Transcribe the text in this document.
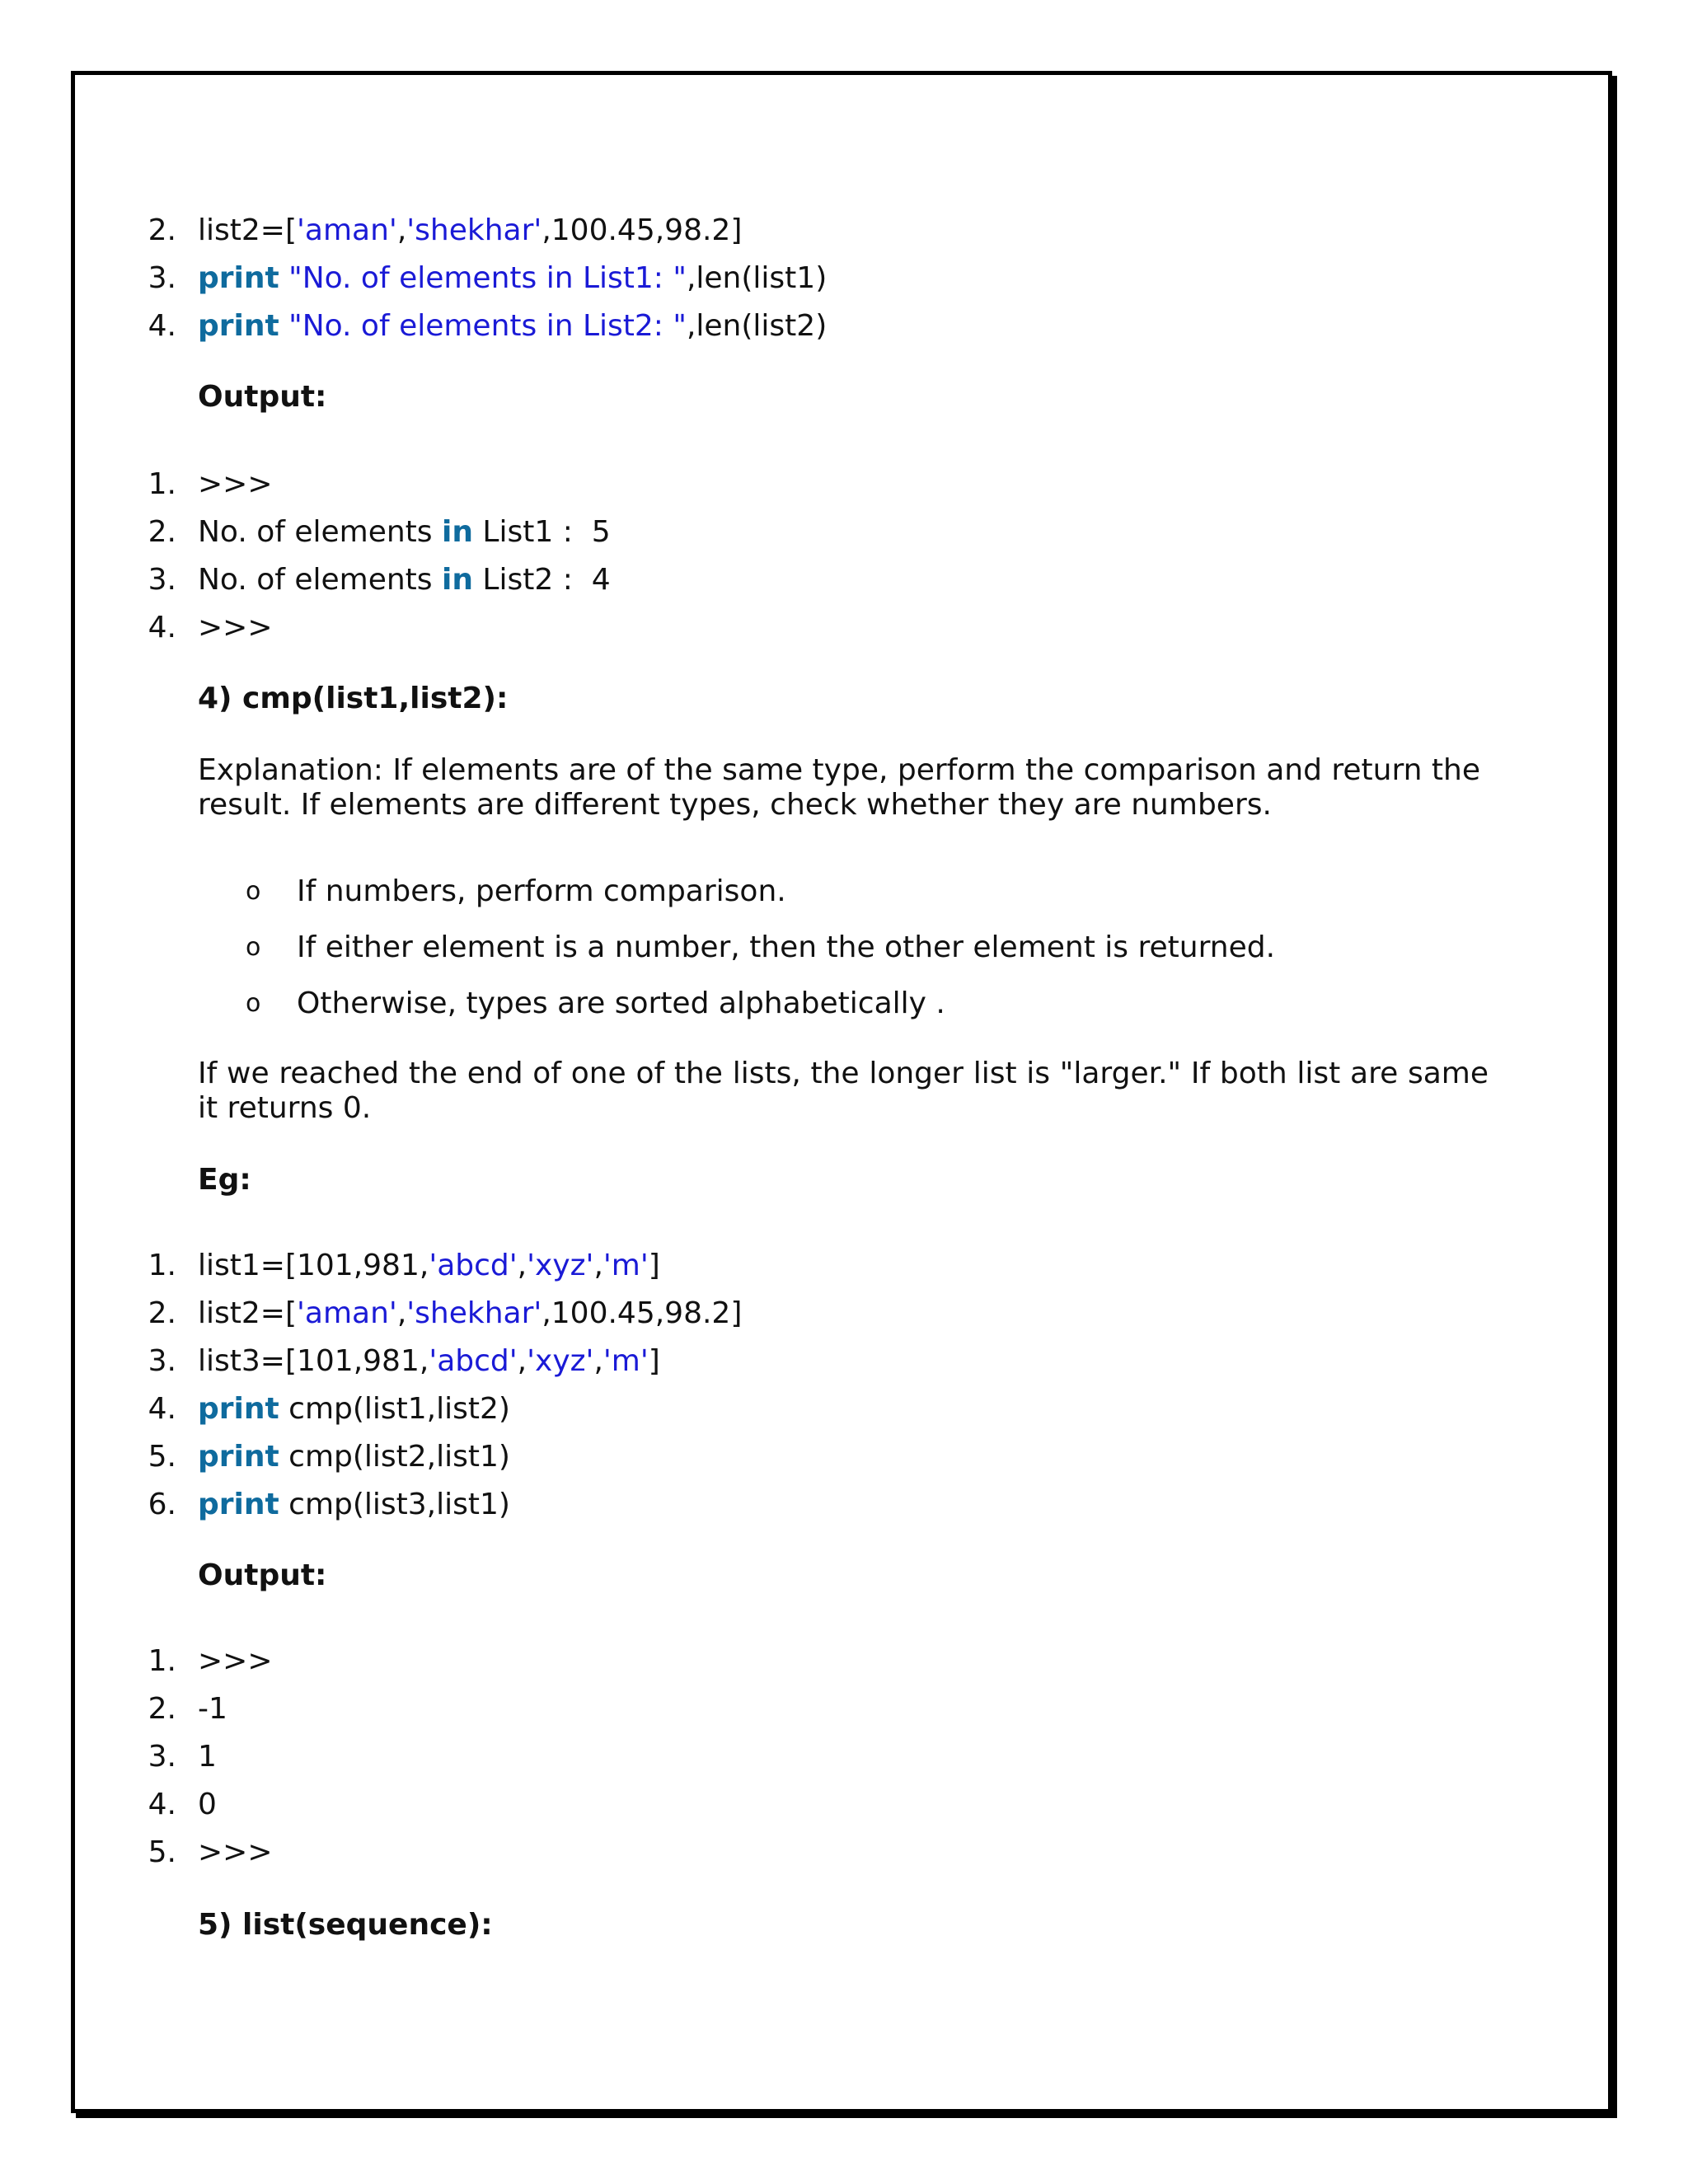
2. list2=['aman','shekhar',100.45,98.2]
3. print "No. of elements in List1: ",len(list1)
4. print "No. of elements in List2: ",len(list2)
Output:
1. >>>
2. No. of elements in List1 :  5
3. No. of elements in List2 :  4
4. >>>
4) cmp(list1,list2):
Explanation: If elements are of the same type, perform the comparison and return the result. If elements are different types, check whether they are numbers.
o If numbers, perform comparison.
o If either element is a number, then the other element is returned.
o Otherwise, types are sorted alphabetically .
If we reached the end of one of the lists, the longer list is "larger." If both list are same it returns 0.
Eg:
1. list1=[101,981,'abcd','xyz','m']
2. list2=['aman','shekhar',100.45,98.2]
3. list3=[101,981,'abcd','xyz','m']
4. print cmp(list1,list2)
5. print cmp(list2,list1)
6. print cmp(list3,list1)
Output:
1. >>>
2. -1
3. 1
4. 0
5. >>>
5) list(sequence):
